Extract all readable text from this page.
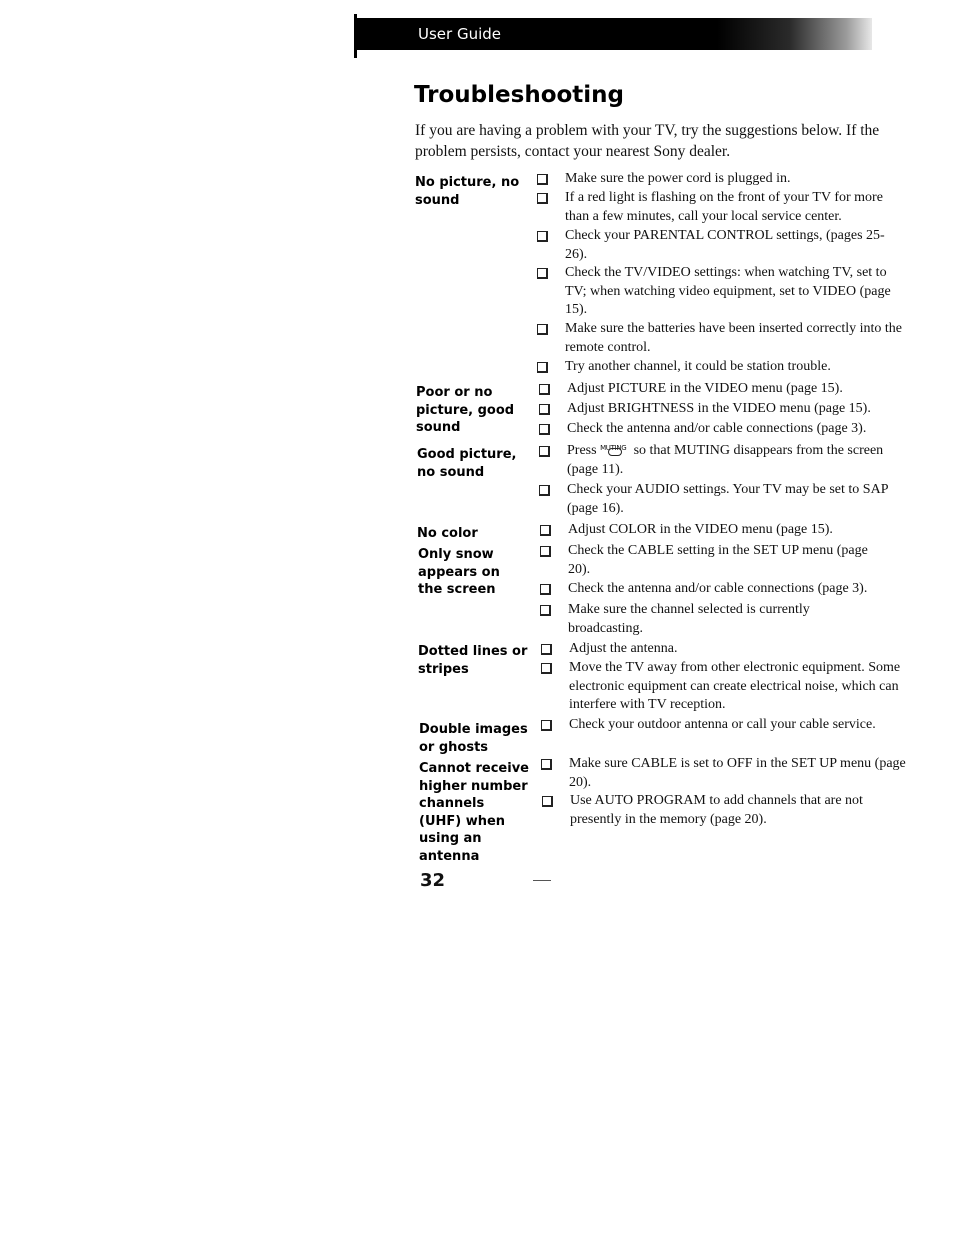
User Guide
Troubleshooting

If you are having a problem with your TV, try the suggestions below. If the problem persists, contact your nearest Sony dealer.

No picture, no sound
Make sure the power cord is plugged in.
If a red light is flashing on the front of your TV for more than a few minutes, call your local service center.
Check your PARENTAL CONTROL settings, (pages 25-26).
Check the TV/VIDEO settings: when watching TV, set to TV; when watching video equipment, set to VIDEO (page 15).
Make sure the batteries have been inserted correctly into the remote control.
Try another channel, it could be station trouble.
Poor or no picture, good sound
Adjust PICTURE in the VIDEO menu (page 15).
Adjust BRIGHTNESS in the VIDEO menu (page 15).
Check the antenna and/or cable connections (page 3).
Good picture, no sound
Press MUTING so that MUTING disappears from the screen (page 11).
Check your AUDIO settings. Your TV may be set to SAP (page 16).
No color	Adjust COLOR in the VIDEO menu (page 15).
Only snow appears on the screen
Check the CABLE setting in the SET UP menu (page 20).
Check the antenna and/or cable connections (page 3).
Make sure the channel selected is currently broadcasting.
Dotted lines or stripes
Adjust the antenna.
Move the TV away from other electronic equipment. Some electronic equipment can create electrical noise, which can interfere with TV reception.
Double images or ghosts
Check your outdoor antenna or call your cable service.
Cannot receive higher number channels (UHF) when using an antenna
Make sure CABLE is set to OFF in the SET UP menu (page 20).
Use AUTO PROGRAM to add channels that are not presently in the memory (page 20).
32
